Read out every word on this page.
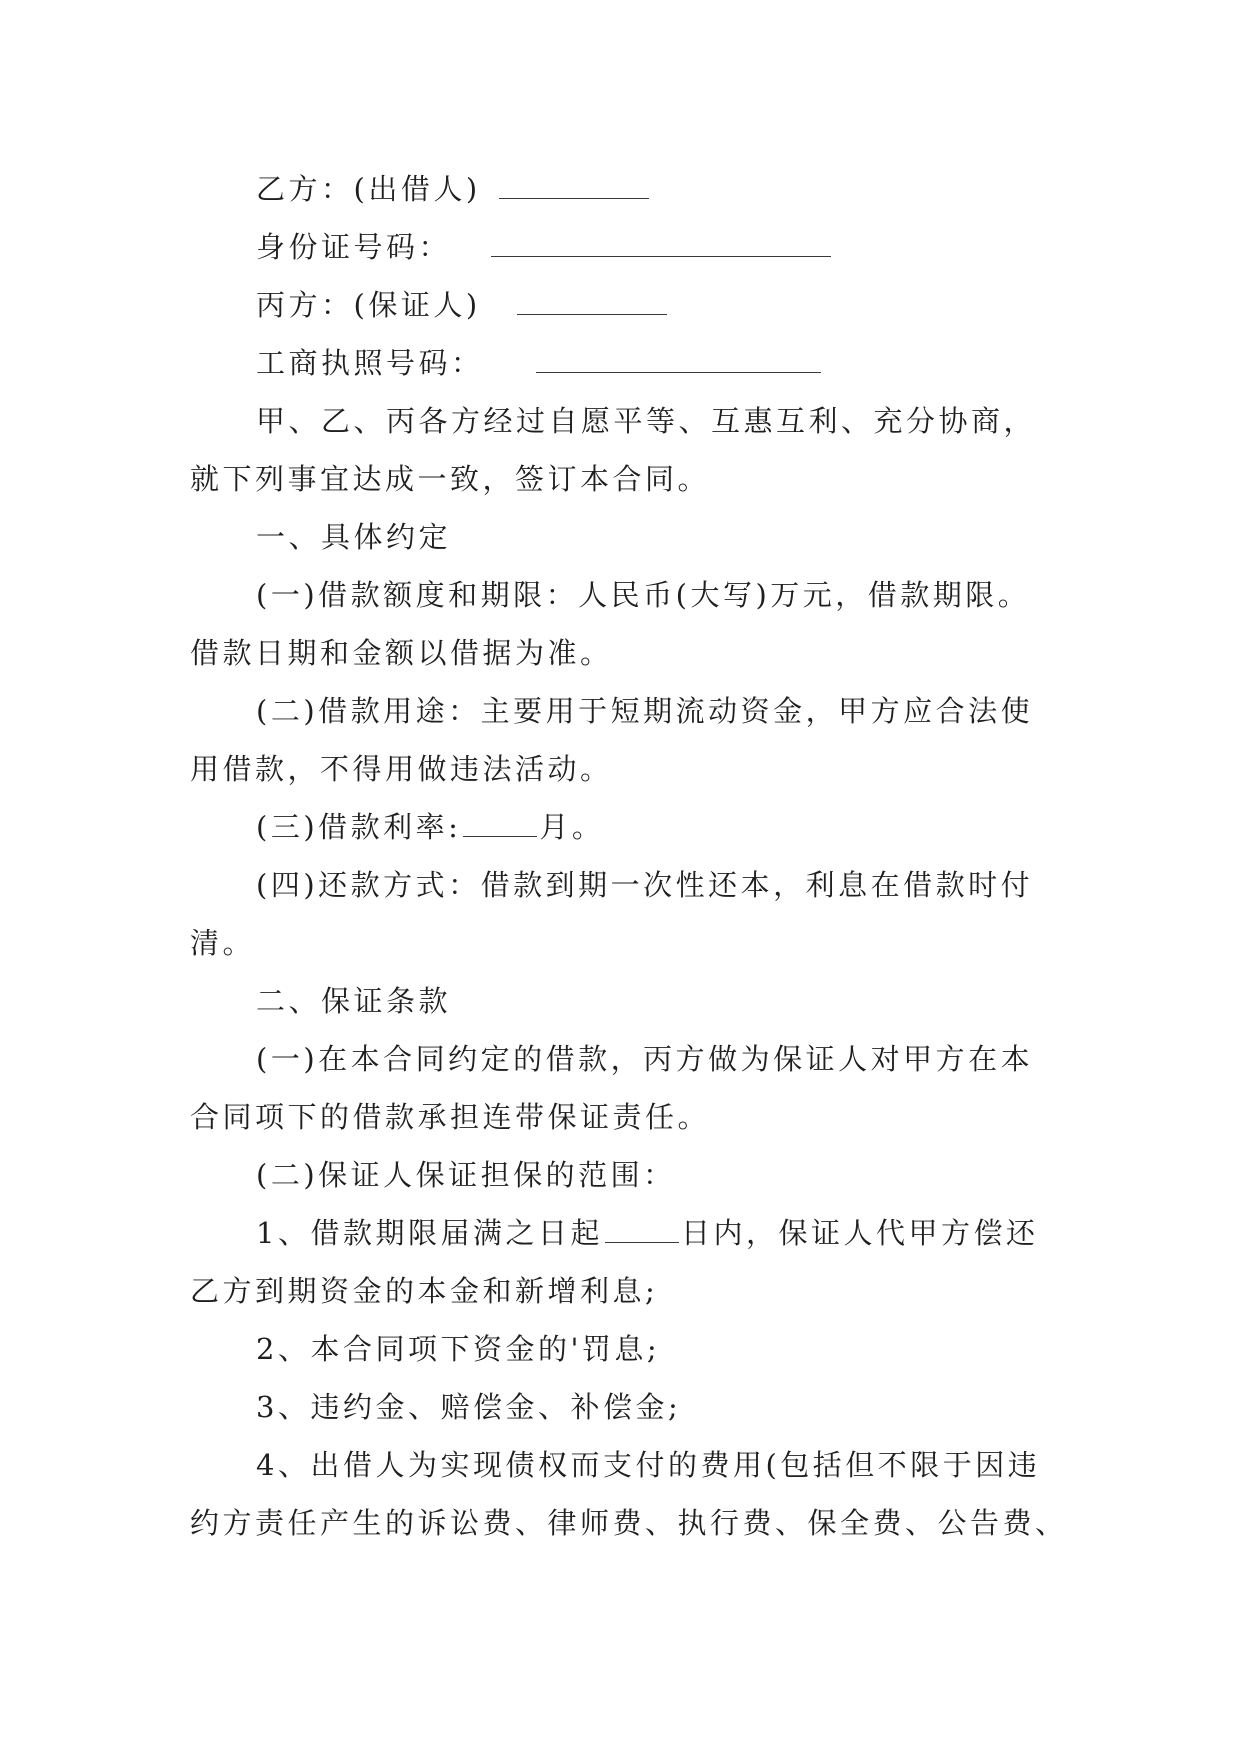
乙方：(出借人)
身份证号码：
丙方：(保证人)
工商执照号码：
甲、乙、丙各方经过自愿平等、互惠互利、充分协商，
就下列事宜达成一致，签订本合同。
一、具体约定
(一)借款额度和期限：人民币(大写)万元，借款期限。
借款日期和金额以借据为准。
(二)借款用途：主要用于短期流动资金，甲方应合法使
用借款，不得用做违法活动。
(三)借款利率:	月。
(四)还款方式：借款到期一次性还本，利息在借款时付
清。
二、保证条款
(一)在本合同约定的借款，丙方做为保证人对甲方在本
合同项下的借款承担连带保证责任。
(二)保证人保证担保的范围：
1、借款期限届满之日起	日内，保证人代甲方偿还
乙方到期资金的本金和新增利息;
2、本合同项下资金的'罚息;
3、违约金、赔偿金、补偿金;
4、出借人为实现债权而支付的费用(包括但不限于因违
约方责任产生的诉讼费、律师费、执行费、保全费、公告费、
